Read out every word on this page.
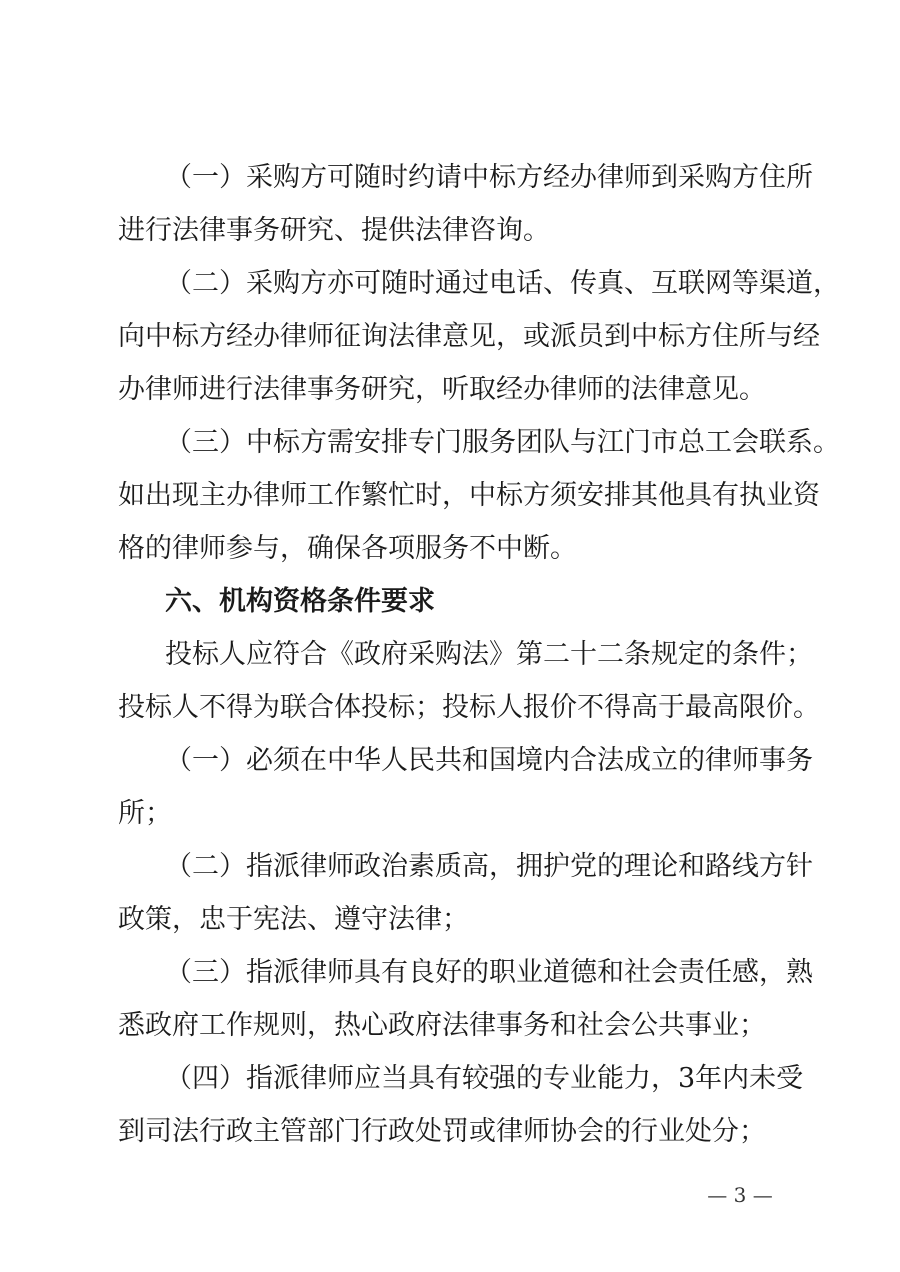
（一）采购方可随时约请中标方经办律师到采购方住所
进行法律事务研究、提供法律咨询。
（二）采购方亦可随时通过电话、传真、互联网等渠道，
向中标方经办律师征询法律意见，或派员到中标方住所与经
办律师进行法律事务研究，听取经办律师的法律意见。
（三）中标方需安排专门服务团队与江门市总工会联系。
如出现主办律师工作繁忙时，中标方须安排其他具有执业资
格的律师参与，确保各项服务不中断。
六、机构资格条件要求
投标人应符合《政府采购法》第二十二条规定的条件；
投标人不得为联合体投标；投标人报价不得高于最高限价。
（一）必须在中华人民共和国境内合法成立的律师事务
所；
（二）指派律师政治素质高，拥护党的理论和路线方针
政策，忠于宪法、遵守法律；
（三）指派律师具有良好的职业道德和社会责任感，熟
悉政府工作规则，热心政府法律事务和社会公共事业；
（四）指派律师应当具有较强的专业能力，3年内未受
到司法行政主管部门行政处罚或律师协会的行业处分；
— 3 —
